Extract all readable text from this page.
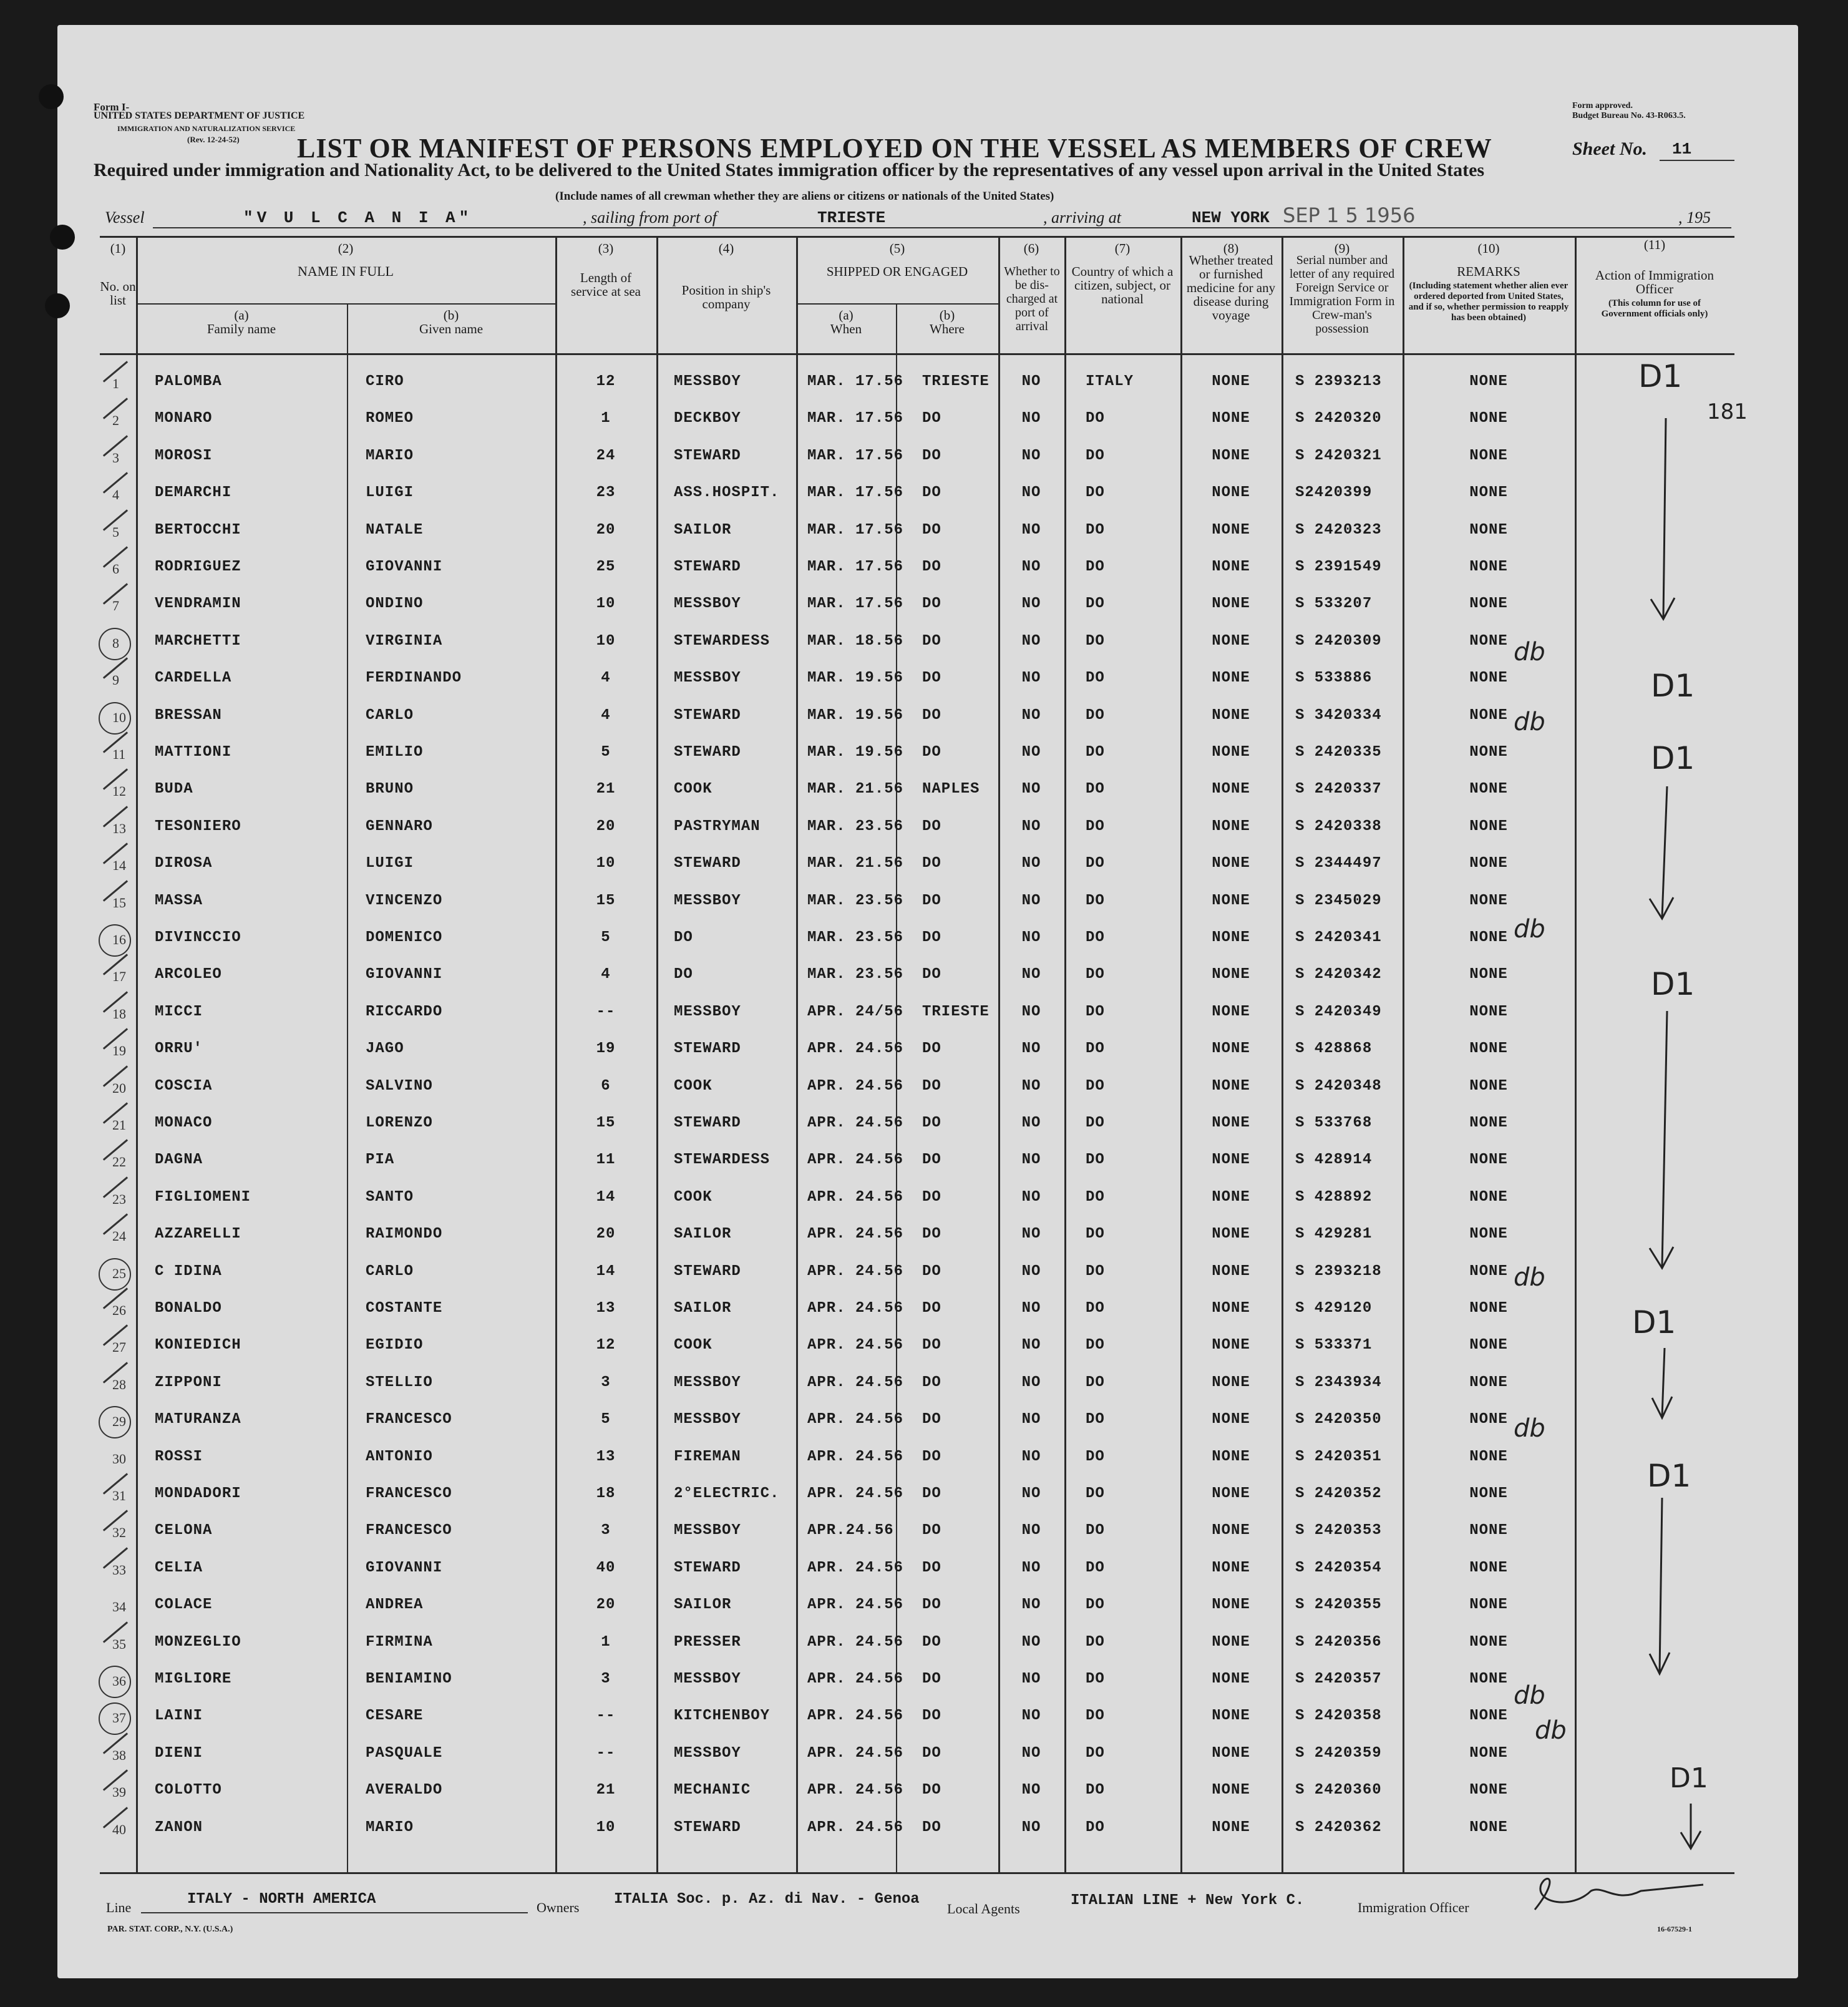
Form I-
UNITED STATES DEPARTMENT OF JUSTICE
IMMIGRATION AND NATURALIZATION SERVICE
(Rev. 12-24-52)
Form approved.
Budget Bureau No. 43-R063.5.
LIST OR MANIFEST OF PERSONS EMPLOYED ON THE VESSEL AS MEMBERS OF CREW	Sheet No. 11
Required under immigration and Nationality Act, to be delivered to the United States immigration officer by the representatives of any vessel upon arrival in the United States
(Include names of all crewman whether they are aliens or citizens or nationals of the United States)
Vessel	"V U L C A N I A"	, sailing from port of	TRIESTE	, arriving at	NEW YORK SEP 1 5 1956	, 195
(1)	(2)	(3)	(4)	(5)	(6)	(7)	(8)	(9)	(10)	(11)
No. on list
NAME IN FULL
(a)
Family name
(b)
Given name
Length of service at sea	Position in ship's company
SHIPPED OR ENGAGED
(a)
When
(b)
Where
Whether to be dis-charged at port of arrival
Country of which a citizen, subject, or national
Whether treated or furnished medicine for any disease during voyage
Serial number and letter of any required Foreign Service or Immigration Form in Crew-man's possession
REMARKS
(Including statement whether alien ever ordered deported from United States, and if so, whether permission to reapply has been obtained)
Action of Immigration Officer
(This column for use of Government officials only)
1 PALOMBA	CIRO	12	MESSBOY	MAR. 17.56 TRIESTE	NO	ITALY	NONE	S 2393213	NONE
2 MONARO	ROMEO	1	DECKBOY	MAR. 17.56 DO	NO	DO	NONE	S 2420320	NONE
3 MOROSI	MARIO	24	STEWARD	MAR. 17.56 DO	NO	DO	NONE	S 2420321	NONE
4 DEMARCHI	LUIGI	23	ASS.HOSPIT. MAR. 17.56 DO	NO	DO	NONE	S2420399	NONE
5 BERTOCCHI	NATALE	20	SAILOR	MAR. 17.56 DO	NO	DO	NONE	S 2420323	NONE
6 RODRIGUEZ	GIOVANNI	25	STEWARD	MAR. 17.56 DO	NO	DO	NONE	S 2391549	NONE
7 VENDRAMIN	ONDINO	10	MESSBOY	MAR. 17.56 DO	NO	DO	NONE	S 533207	NONE
8 MARCHETTI	VIRGINIA	10	STEWARDESS MAR. 18.56 DO	NO	DO	NONE	S 2420309	NONE
9 CARDELLA	FERDINANDO	4	MESSBOY	MAR. 19.56 DO	NO	DO	NONE	S 533886	NONE
10 BRESSAN	CARLO	4	STEWARD	MAR. 19.56 DO	NO	DO	NONE	S 3420334	NONE
11 MATTIONI	EMILIO	5	STEWARD	MAR. 19.56 DO	NO	DO	NONE	S 2420335	NONE
12 BUDA	BRUNO	21	COOK	MAR. 21.56 NAPLES	NO	DO	NONE	S 2420337	NONE
13 TESONIERO	GENNARO	20	PASTRYMAN	MAR. 23.56 DO	NO	DO	NONE	S 2420338	NONE
14 DIROSA	LUIGI	10	STEWARD	MAR. 21.56 DO	NO	DO	NONE	S 2344497	NONE
15 MASSA	VINCENZO	15	MESSBOY	MAR. 23.56 DO	NO	DO	NONE	S 2345029	NONE
16 DIVINCCIO	DOMENICO	5	DO	MAR. 23.56 DO	NO	DO	NONE	S 2420341	NONE
17 ARCOLEO	GIOVANNI	4	DO	MAR. 23.56 DO	NO	DO	NONE	S 2420342	NONE
18 MICCI	RICCARDO	--	MESSBOY	APR. 24/56 TRIESTE	NO	DO	NONE	S 2420349	NONE
19 ORRU'	JAGO	19	STEWARD	APR. 24.56 DO	NO	DO	NONE	S 428868	NONE
20 COSCIA	SALVINO	6	COOK	APR. 24.56 DO	NO	DO	NONE	S 2420348	NONE
21 MONACO	LORENZO	15	STEWARD	APR. 24.56 DO	NO	DO	NONE	S 533768	NONE
22 DAGNA	PIA	11	STEWARDESS APR. 24.56 DO	NO	DO	NONE	S 428914	NONE
23 FIGLIOMENI	SANTO	14	COOK	APR. 24.56 DO	NO	DO	NONE	S 428892	NONE
24 AZZARELLI	RAIMONDO	20	SAILOR	APR. 24.56 DO	NO	DO	NONE	S 429281	NONE
25 C IDINA	CARLO	14	STEWARD	APR. 24.56 DO	NO	DO	NONE	S 2393218	NONE
26 BONALDO	COSTANTE	13	SAILOR	APR. 24.56 DO	NO	DO	NONE	S 429120	NONE
27 KONIEDICH	EGIDIO	12	COOK	APR. 24.56 DO	NO	DO	NONE	S 533371	NONE
28 ZIPPONI	STELLIO	3	MESSBOY	APR. 24.56 DO	NO	DO	NONE	S 2343934	NONE
29 MATURANZA	FRANCESCO	5	MESSBOY	APR. 24.56 DO	NO	DO	NONE	S 2420350	NONE
30 ROSSI	ANTONIO	13	FIREMAN	APR. 24.56 DO	NO	DO	NONE	S 2420351	NONE
31 MONDADORI	FRANCESCO	18	2°ELECTRIC. APR. 24.56 DO	NO	DO	NONE	S 2420352	NONE
32 CELONA	FRANCESCO	3	MESSBOY	APR.24.56 DO	NO	DO	NONE	S 2420353	NONE
33 CELIA	GIOVANNI	40	STEWARD	APR. 24.56 DO	NO	DO	NONE	S 2420354	NONE
34 COLACE	ANDREA	20	SAILOR	APR. 24.56 DO	NO	DO	NONE	S 2420355	NONE
35 MONZEGLIO	FIRMINA	1	PRESSER	APR. 24.56 DO	NO	DO	NONE	S 2420356	NONE
36 MIGLIORE	BENIAMINO	3	MESSBOY	APR. 24.56 DO	NO	DO	NONE	S 2420357	NONE
37 LAINI	CESARE	--	KITCHENBOY APR. 24.56 DO	NO	DO	NONE	S 2420358	NONE
38 DIENI	PASQUALE	--	MESSBOY	APR. 24.56 DO	NO	DO	NONE	S 2420359	NONE
39 COLOTTO	AVERALDO	21	MECHANIC	APR. 24.56 DO	NO	DO	NONE	S 2420360	NONE
40 ZANON	MARIO	10	STEWARD	APR. 24.56 DO	NO	DO	NONE	S 2420362	NONE
D1
181
D1
D1
D1
D1
D1
D1
db
db
db
db
db
db
db
Line	ITALY - NORTH AMERICA	Owners ITALIA Soc. p. Az. di Nav. - Genoa
Local Agents	ITALIAN LINE + New York C.	Immigration Officer
PAR. STAT. CORP., N.Y. (U.S.A.)	16-67529-1
